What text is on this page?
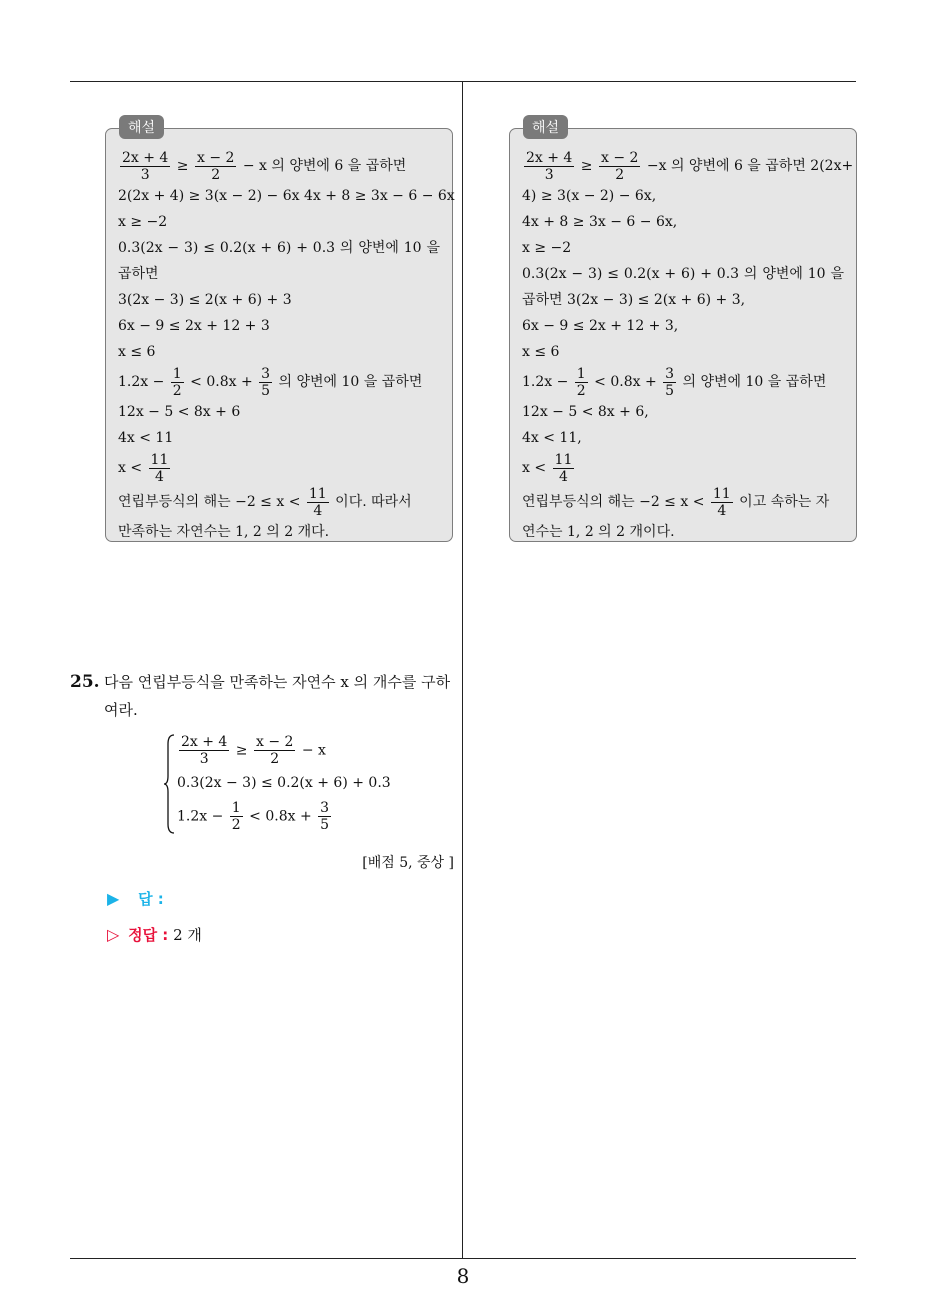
해설
$\frac{2x + 4}{3} \ge \frac{x - 2}{2} - x$ 의 양변에 6 을 곱하면
2(2x + 4) ≥ 3(x − 2) − 6x 4x + 8 ≥ 3x − 6 − 6x
x ≥ −2
0.3(2x − 3) ≤ 0.2(x + 6) + 0.3 의 양변에 10 을
곱하면
3(2x − 3) ≤ 2(x + 6) + 3
6x − 9 ≤ 2x + 12 + 3
x ≤ 6
$1.2x - \frac{1}{2} < 0.8x + \frac{3}{5}$ 의 양변에 10 을 곱하면
12x − 5 < 8x + 6
4x < 11
$x < \frac{11}{4}$
연립부등식의 해는 $-2 \le x < \frac{11}{4}$ 이다. 따라서
만족하는 자연수는 1, 2 의 2 개다.
해설
$\frac{2x + 4}{3} \ge \frac{x - 2}{2} -x$ 의 양변에 6 을 곱하면 2(2x+
4) ≥ 3(x − 2) − 6x,
4x + 8 ≥ 3x − 6 − 6x,
x ≥ −2
0.3(2x − 3) ≤ 0.2(x + 6) + 0.3 의 양변에 10 을
곱하면 3(2x − 3) ≤ 2(x + 6) + 3,
6x − 9 ≤ 2x + 12 + 3,
x ≤ 6
$1.2x - \frac{1}{2} < 0.8x + \frac{3}{5}$ 의 양변에 10 을 곱하면
12x − 5 < 8x + 6,
4x < 11,
$x < \frac{11}{4}$
연립부등식의 해는 $-2 \le x < \frac{11}{4}$ 이고 속하는 자
연수는 1, 2 의 2 개이다.
25. 다음 연립부등식을 만족하는 자연수 x 의 개수를 구하여라.
$\frac{2x + 4}{3} \ge \frac{x - 2}{2} - x$
0.3(2x − 3) ≤ 0.2(x + 6) + 0.3
$1.2x - \frac{1}{2} < 0.8x + \frac{3}{5}$
[배점 5, 중상 ]
▶ 답 :
▷ 정답 : 2 개
8
